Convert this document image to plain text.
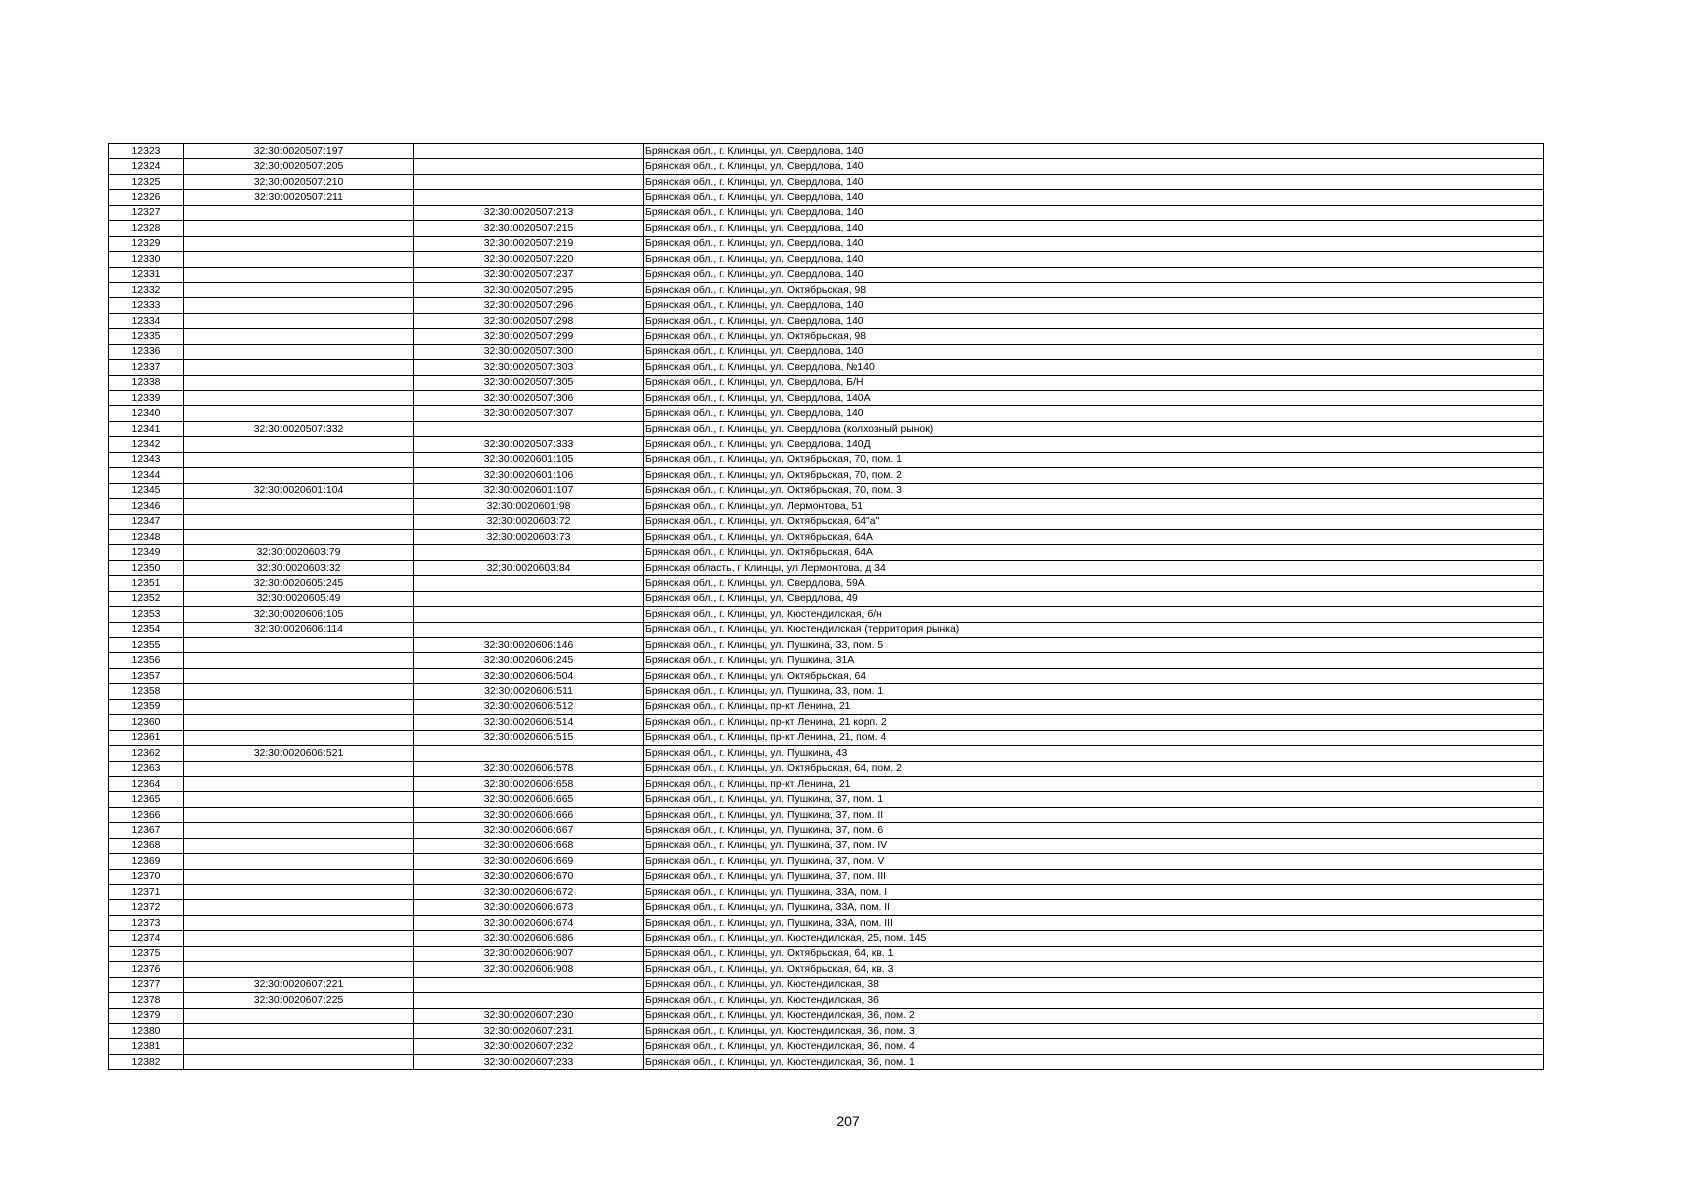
12323	32:30:0020507:197		Брянская обл., г. Клинцы, ул. Свердлова, 140
12324	32:30:0020507:205		Брянская обл., г. Клинцы, ул. Свердлова, 140
12325	32:30:0020507:210		Брянская обл., г. Клинцы, ул. Свердлова, 140
12326	32:30:0020507:211		Брянская обл., г. Клинцы, ул. Свердлова, 140
12327		32:30:0020507:213	Брянская обл., г. Клинцы, ул. Свердлова, 140
12328		32:30:0020507:215	Брянская обл., г. Клинцы, ул. Свердлова, 140
12329		32:30:0020507:219	Брянская обл., г. Клинцы, ул. Свердлова, 140
12330		32:30:0020507:220	Брянская обл., г. Клинцы, ул. Свердлова, 140
12331		32:30:0020507:237	Брянская обл., г. Клинцы, ул. Свердлова, 140
12332		32:30:0020507:295	Брянская обл., г. Клинцы, ул. Октябрьская, 98
12333		32:30:0020507:296	Брянская обл., г. Клинцы, ул. Свердлова, 140
12334		32:30:0020507:298	Брянская обл., г. Клинцы, ул. Свердлова, 140
12335		32:30:0020507:299	Брянская обл., г. Клинцы, ул. Октябрьская, 98
12336		32:30:0020507:300	Брянская обл., г. Клинцы, ул. Свердлова, 140
12337		32:30:0020507:303	Брянская обл., г. Клинцы, ул. Свердлова, №140
12338		32:30:0020507:305	Брянская обл., г. Клинцы, ул. Свердлова, Б/Н
12339		32:30:0020507:306	Брянская обл., г. Клинцы, ул. Свердлова, 140А
12340		32:30:0020507:307	Брянская обл., г. Клинцы, ул. Свердлова, 140
12341	32:30:0020507:332		Брянская обл., г. Клинцы, ул. Свердлова (колхозный рынок)
12342		32:30:0020507:333	Брянская обл., г. Клинцы, ул. Свердлова, 140Д
12343		32:30:0020601:105	Брянская обл., г. Клинцы, ул. Октябрьская, 70, пом. 1
12344		32:30:0020601:106	Брянская обл., г. Клинцы, ул. Октябрьская, 70, пом. 2
12345	32:30:0020601:104	32:30:0020601:107	Брянская обл., г. Клинцы, ул. Октябрьская, 70, пом. 3
12346		32:30:0020601:98	Брянская обл., г. Клинцы, ул. Лермонтова, 51
12347		32:30:0020603:72	Брянская обл., г. Клинцы, ул. Октябрьская, 64"а"
12348		32:30:0020603:73	Брянская обл., г. Клинцы, ул. Октябрьская, 64А
12349	32:30:0020603:79		Брянская обл., г. Клинцы, ул. Октябрьская, 64А
12350	32:30:0020603:32	32:30:0020603:84	Брянская область, г Клинцы, ул Лермонтова, д 34
12351	32:30:0020605:245		Брянская обл., г. Клинцы, ул. Свердлова, 59А
12352	32:30:0020605:49		Брянская обл., г. Клинцы, ул. Свердлова, 49
12353	32:30:0020606:105		Брянская обл., г. Клинцы, ул. Кюстендилская, б/н
12354	32:30:0020606:114		Брянская обл., г. Клинцы, ул. Кюстендилская (территория рынка)
12355		32:30:0020606:146	Брянская обл., г. Клинцы, ул. Пушкина, 33, пом. 5
12356		32:30:0020606:245	Брянская обл., г. Клинцы, ул. Пушкина, 31А
12357		32:30:0020606:504	Брянская обл., г. Клинцы, ул. Октябрьская, 64
12358		32:30:0020606:511	Брянская обл., г. Клинцы, ул. Пушкина, 33, пом. 1
12359		32:30:0020606:512	Брянская обл., г. Клинцы, пр-кт Ленина, 21
12360		32:30:0020606:514	Брянская обл., г. Клинцы, пр-кт Ленина, 21 корп. 2
12361		32:30:0020606:515	Брянская обл., г. Клинцы, пр-кт Ленина, 21, пом. 4
12362	32:30:0020606:521		Брянская обл., г. Клинцы, ул. Пушкина, 43
12363		32:30:0020606:578	Брянская обл., г. Клинцы, ул. Октябрьская, 64, пом. 2
12364		32:30:0020606:658	Брянская обл., г. Клинцы, пр-кт Ленина, 21
12365		32:30:0020606:665	Брянская обл., г. Клинцы, ул. Пушкина, 37, пом. 1
12366		32:30:0020606:666	Брянская обл., г. Клинцы, ул. Пушкина, 37, пом. II
12367		32:30:0020606:667	Брянская обл., г. Клинцы, ул. Пушкина, 37, пом. 6
12368		32:30:0020606:668	Брянская обл., г. Клинцы, ул. Пушкина, 37, пом. IV
12369		32:30:0020606:669	Брянская обл., г. Клинцы, ул. Пушкина, 37, пом. V
12370		32:30:0020606:670	Брянская обл., г. Клинцы, ул. Пушкина, 37, пом. III
12371		32:30:0020606:672	Брянская обл., г. Клинцы, ул. Пушкина, 33А, пом. I
12372		32:30:0020606:673	Брянская обл., г. Клинцы, ул. Пушкина, 33А, пом. II
12373		32:30:0020606:674	Брянская обл., г. Клинцы, ул. Пушкина, 33А, пом. III
12374		32:30:0020606:686	Брянская обл., г. Клинцы, ул. Кюстендилская, 25, пом. 145
12375		32:30:0020606:907	Брянская обл., г. Клинцы, ул. Октябрьская, 64, кв. 1
12376		32:30:0020606:908	Брянская обл., г. Клинцы, ул. Октябрьская, 64, кв. 3
12377	32:30:0020607:221		Брянская обл., г. Клинцы, ул. Кюстендилская, 38
12378	32:30:0020607:225		Брянская обл., г. Клинцы, ул. Кюстендилская, 36
12379		32:30:0020607:230	Брянская обл., г. Клинцы, ул. Кюстендилская, 36, пом. 2
12380		32:30:0020607:231	Брянская обл., г. Клинцы, ул. Кюстендилская, 36, пом. 3
12381		32:30:0020607:232	Брянская обл., г. Клинцы, ул. Кюстендилская, 36, пом. 4
12382		32:30:0020607:233	Брянская обл., г. Клинцы, ул. Кюстендилская, 36, пом. 1
207
